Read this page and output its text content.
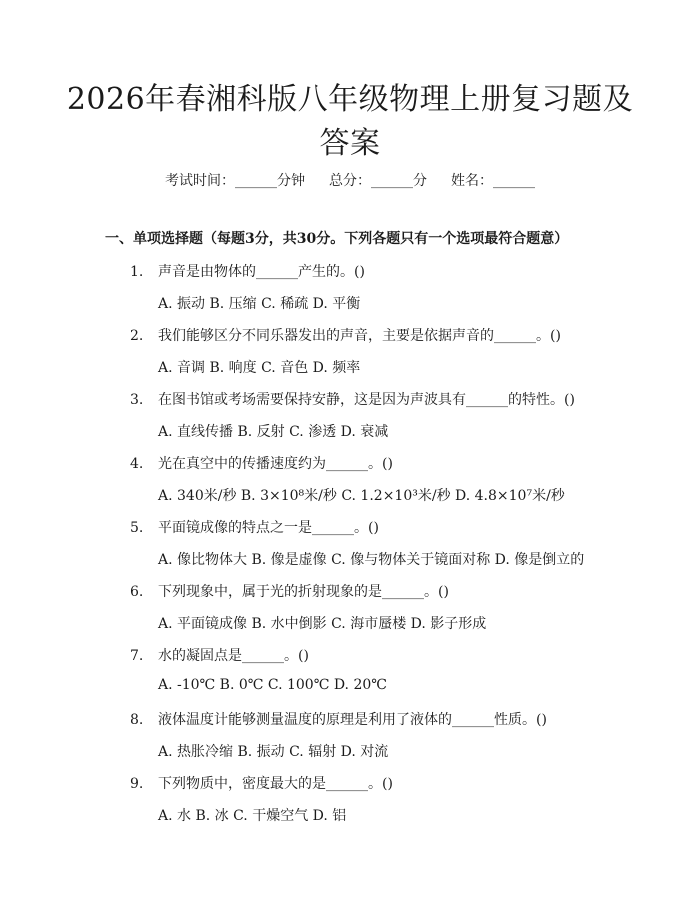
2026年春湘科版八年级物理上册复习题及答案
考试时间：______分钟 总分：______分 姓名：______
一、单项选择题（每题3分，共30分。下列各题只有一个选项最符合题意）
1. 声音是由物体的______产生的。()
A. 振动 B. 压缩 C. 稀疏 D. 平衡
2. 我们能够区分不同乐器发出的声音，主要是依据声音的______。()
A. 音调 B. 响度 C. 音色 D. 频率
3. 在图书馆或考场需要保持安静，这是因为声波具有______的特性。()
A. 直线传播 B. 反射 C. 渗透 D. 衰减
4. 光在真空中的传播速度约为______。()
A. 340米/秒 B. 3×10⁸米/秒 C. 1.2×10³米/秒 D. 4.8×10⁷米/秒
5. 平面镜成像的特点之一是______。()
A. 像比物体大 B. 像是虚像 C. 像与物体关于镜面对称 D. 像是倒立的
6. 下列现象中，属于光的折射现象的是______。()
A. 平面镜成像 B. 水中倒影 C. 海市蜃楼 D. 影子形成
7. 水的凝固点是______。()
A. -10℃ B. 0℃ C. 100℃ D. 20℃
8. 液体温度计能够测量温度的原理是利用了液体的______性质。()
A. 热胀冷缩 B. 振动 C. 辐射 D. 对流
9. 下列物质中，密度最大的是______。()
A. 水 B. 冰 C. 干燥空气 D. 铝
